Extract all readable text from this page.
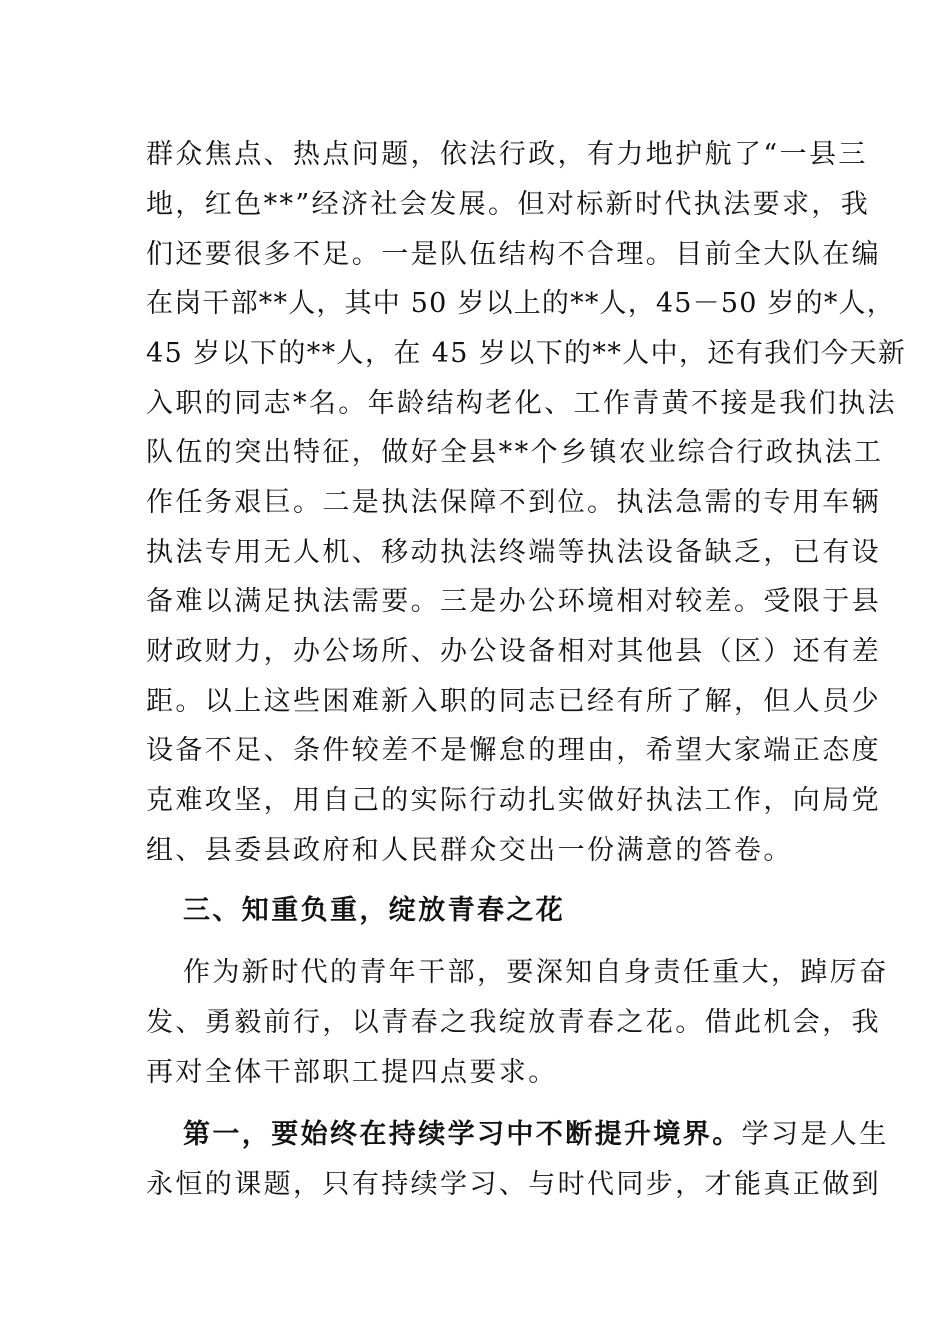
群众焦点、热点问题，依法行政，有力地护航了“一县三
地，红色**”经济社会发展。但对标新时代执法要求，我
们还要很多不足。一是队伍结构不合理。目前全大队在编
在岗干部**人，其中 50 岁以上的**人，45－50 岁的*人，
45 岁以下的**人，在 45 岁以下的**人中，还有我们今天新
入职的同志*名。年龄结构老化、工作青黄不接是我们执法
队伍的突出特征，做好全县**个乡镇农业综合行政执法工
作任务艰巨。二是执法保障不到位。执法急需的专用车辆
执法专用无人机、移动执法终端等执法设备缺乏，已有设
备难以满足执法需要。三是办公环境相对较差。受限于县
财政财力，办公场所、办公设备相对其他县（区）还有差
距。以上这些困难新入职的同志已经有所了解，但人员少
设备不足、条件较差不是懈怠的理由，希望大家端正态度
克难攻坚，用自己的实际行动扎实做好执法工作，向局党
组、县委县政府和人民群众交出一份满意的答卷。
三、知重负重，绽放青春之花
作为新时代的青年干部，要深知自身责任重大，踔厉奋
发、勇毅前行，以青春之我绽放青春之花。借此机会，我
再对全体干部职工提四点要求。
第一，要始终在持续学习中不断提升境界。学习是人生
永恒的课题，只有持续学习、与时代同步，才能真正做到
